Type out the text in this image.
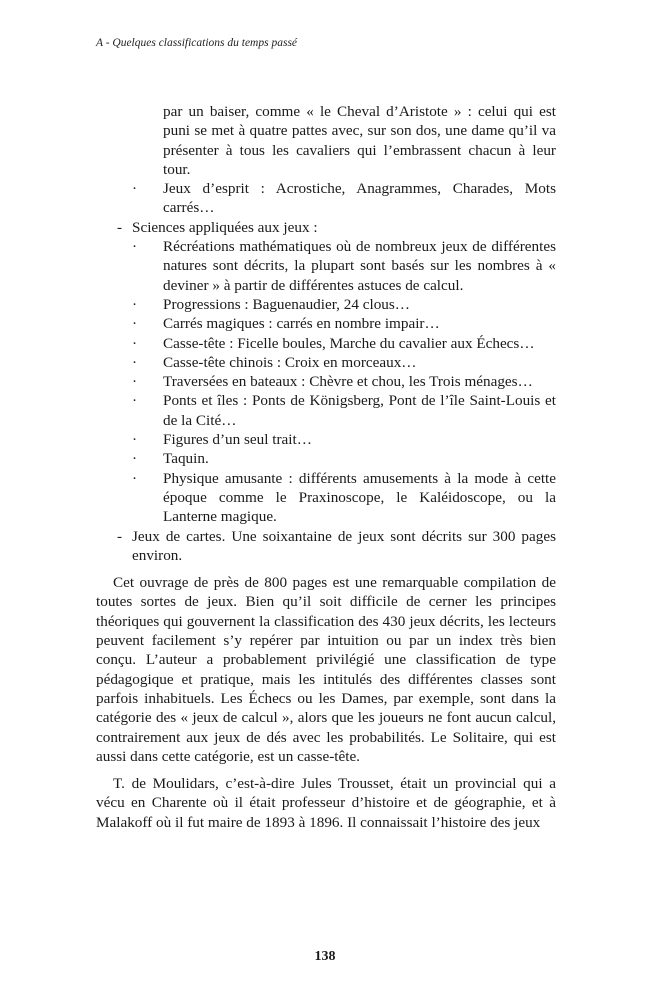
A - Quelques classifications du temps passé
par un baiser, comme « le Cheval d’Aristote » : celui qui est puni se met à quatre pattes avec, sur son dos, une dame qu’il va présenter à tous les cavaliers qui l’embrassent chacun à leur tour.
· Jeux d’esprit : Acrostiche, Anagrammes, Charades, Mots carrés…
- Sciences appliquées aux jeux :
· Récréations mathématiques où de nombreux jeux de différentes natures sont décrits, la plupart sont basés sur les nombres à « deviner » à partir de différentes astuces de calcul.
· Progressions : Baguenaudier, 24 clous…
· Carrés magiques : carrés en nombre impair…
· Casse-tête : Ficelle boules, Marche du cavalier aux Échecs…
· Casse-tête chinois : Croix en morceaux…
· Traversées en bateaux : Chèvre et chou, les Trois ménages…
· Ponts et îles : Ponts de Königsberg, Pont de l’île Saint-Louis et de la Cité…
· Figures d’un seul trait…
· Taquin.
· Physique amusante : différents amusements à la mode à cette époque comme le Praxinoscope, le Kaléidoscope, ou la Lanterne magique.
- Jeux de cartes. Une soixantaine de jeux sont décrits sur 300 pages environ.

Cet ouvrage de près de 800 pages est une remarquable compilation de toutes sortes de jeux. Bien qu’il soit difficile de cerner les principes théoriques qui gouvernent la classification des 430 jeux décrits, les lecteurs peuvent facilement s’y repérer par intuition ou par un index très bien conçu. L’auteur a probablement privilégié une classification de type pédagogique et pratique, mais les intitulés des différentes classes sont parfois inhabituels. Les Échecs ou les Dames, par exemple, sont dans la catégorie des « jeux de calcul », alors que les joueurs ne font aucun calcul, contrairement aux jeux de dés avec les probabilités. Le Solitaire, qui est aussi dans cette catégorie, est un casse-tête.

T. de Moulidars, c’est-à-dire Jules Trousset, était un provincial qui a vécu en Charente où il était professeur d’histoire et de géographie, et à Malakoff où il fut maire de 1893 à 1896. Il connaissait l’histoire des jeux

138
